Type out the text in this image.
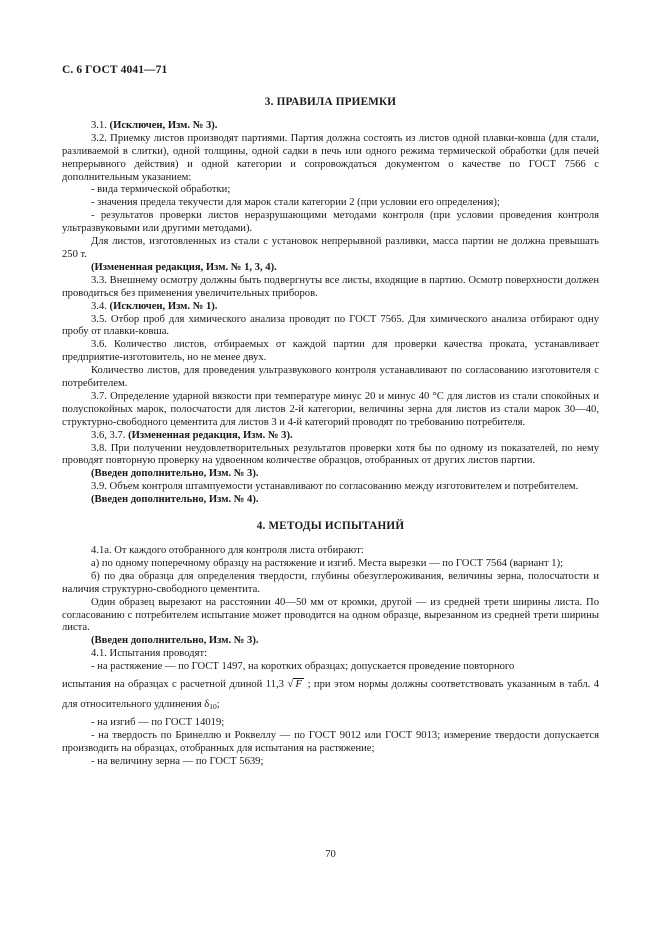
С. 6 ГОСТ 4041—71
3. ПРАВИЛА ПРИЕМКИ

3.1. (Исключен, Изм. № 3).

3.2. Приемку листов производят партиями. Партия должна состоять из листов одной плавки-ковша (для стали, разливаемой в слитки), одной толщины, одной садки в печь или одного режима термической обработки (для печей непрерывного действия) и одной категории и сопровождаться документом о качестве по ГОСТ 7566 с дополнительным указанием:

- вида термической обработки;

- значения предела текучести для марок стали категории 2 (при условии его определения);

- результатов проверки листов неразрушающими методами контроля (при условии проведения контроля ультразвуковыми или другими методами).

Для листов, изготовленных из стали с установок непрерывной разливки, масса партии не должна превышать 250 т.

(Измененная редакция, Изм. № 1, 3, 4).

3.3. Внешнему осмотру должны быть подвергнуты все листы, входящие в партию. Осмотр поверхности должен проводиться без применения увеличительных приборов.

3.4. (Исключен, Изм. № 1).

3.5. Отбор проб для химического анализа проводят по ГОСТ 7565. Для химического анализа отбирают одну пробу от плавки-ковша.

3.6. Количество листов, отбираемых от каждой партии для проверки качества проката, устанавливает предприятие-изготовитель, но не менее двух.

Количество листов, для проведения ультразвукового контроля устанавливают по согласованию изготовителя с потребителем.

3.7. Определение ударной вязкости при температуре минус 20 и минус 40 °С для листов из стали спокойных и полуспокойных марок, полосчатости для листов 2-й категории, величины зерна для листов из стали марок 30—40, структурно-свободного цементита для листов 3 и 4-й категорий проводят по требованию потребителя.

3.6, 3.7. (Измененная редакция, Изм. № 3).

3.8. При получении неудовлетворительных результатов проверки хотя бы по одному из показателей, по нему проводят повторную проверку на удвоенном количестве образцов, отобранных от других листов партии.

(Введен дополнительно, Изм. № 3).

3.9. Объем контроля штампуемости устанавливают по согласованию между изготовителем и потребителем.

(Введен дополнительно, Изм. № 4).

4. МЕТОДЫ ИСПЫТАНИЙ

4.1а. От каждого отобранного для контроля листа отбирают:

а) по одному поперечному образцу на растяжение и изгиб. Места вырезки — по ГОСТ 7564 (вариант 1);

б) по два образца для определения твердости, глубины обезуглероживания, величины зерна, полосчатости и наличия структурно-свободного цементита.

Один образец вырезают на расстоянии 40—50 мм от кромки, другой — из средней трети ширины листа. По согласованию с потребителем испытание может проводится на одном образце, вырезанном из средней трети ширины листа.

(Введен дополнительно, Изм. № 3).

4.1. Испытания проводят:

- на растяжение — по ГОСТ 1497, на коротких образцах; допускается проведение повторного

испытания на образцах с расчетной длиной 11,3 √ F ; при этом нормы должны соответствовать указанным в табл. 4 для относительного удлинения $\delta_{10}$;

- на изгиб — по ГОСТ 14019;

- на твердость по Бринеллю и Роквеллу — по ГОСТ 9012 или ГОСТ 9013; измерение твердости допускается производить на образцах, отобранных для испытания на растяжение;

- на величину зерна — по ГОСТ 5639;

70
